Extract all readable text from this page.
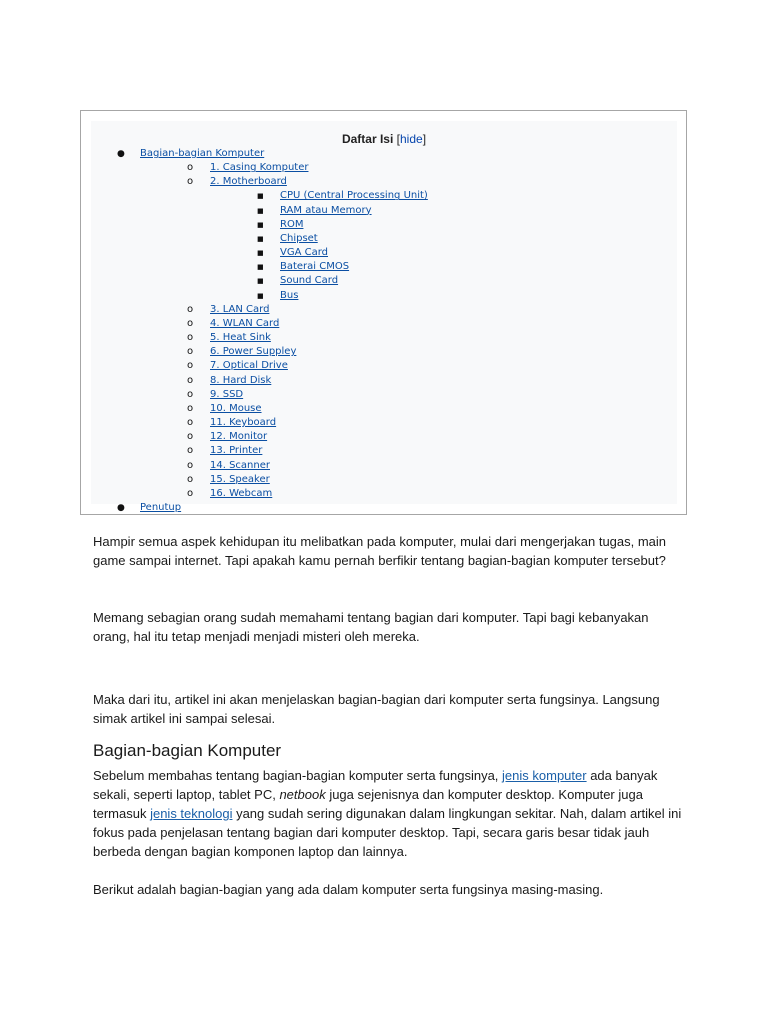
Daftar Isi [hide]
● Bagian-bagian Komputer
o 1. Casing Komputer
o 2. Motherboard
■ CPU (Central Processing Unit)
■ RAM atau Memory
■ ROM
■ Chipset
■ VGA Card
■ Baterai CMOS
■ Sound Card
■ Bus
o 3. LAN Card
o 4. WLAN Card
o 5. Heat Sink
o 6. Power Suppley
o 7. Optical Drive
o 8. Hard Disk
o 9. SSD
o 10. Mouse
o 11. Keyboard
o 12. Monitor
o 13. Printer
o 14. Scanner
o 15. Speaker
o 16. Webcam
● Penutup

Hampir semua aspek kehidupan itu melibatkan pada komputer, mulai dari mengerjakan tugas, main game sampai internet. Tapi apakah kamu pernah berfikir tentang bagian-bagian komputer tersebut?

Memang sebagian orang sudah memahami tentang bagian dari komputer. Tapi bagi kebanyakan orang, hal itu tetap menjadi menjadi misteri oleh mereka.

Maka dari itu, artikel ini akan menjelaskan bagian-bagian dari komputer serta fungsinya. Langsung simak artikel ini sampai selesai.

Bagian-bagian Komputer

Sebelum membahas tentang bagian-bagian komputer serta fungsinya, jenis komputer ada banyak sekali, seperti laptop, tablet PC, netbook juga sejenisnya dan komputer desktop. Komputer juga termasuk jenis teknologi yang sudah sering digunakan dalam lingkungan sekitar. Nah, dalam artikel ini fokus pada penjelasan tentang bagian dari komputer desktop. Tapi, secara garis besar tidak jauh berbeda dengan bagian komponen laptop dan lainnya.

Berikut adalah bagian-bagian yang ada dalam komputer serta fungsinya masing-masing.
